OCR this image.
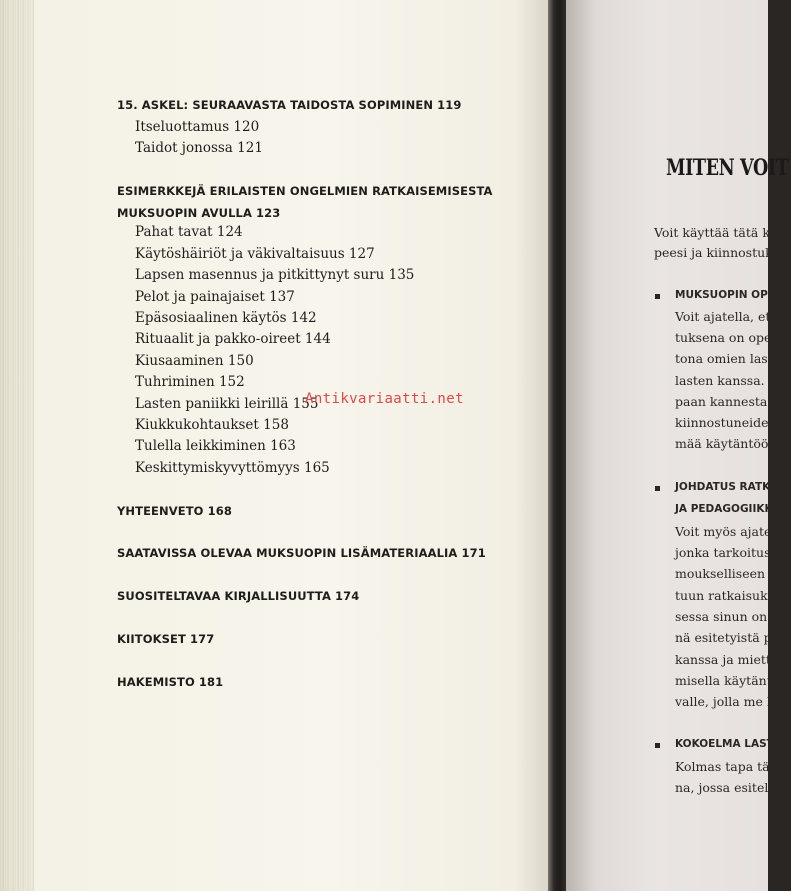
15. ASKEL: SEURAAVASTA TAIDOSTA SOPIMINEN 119
Itseluottamus 120
Taidot jonossa 121
ESIMERKKEJÄ ERILAISTEN ONGELMIEN RATKAISEMISESTA
MUKSUOPIN AVULLA 123
Pahat tavat 124
Käytöshäiriöt ja väkivaltaisuus 127
Lapsen masennus ja pitkittynyt suru 135
Pelot ja painajaiset 137
Epäsosiaalinen käytös 142
Rituaalit ja pakko-oireet 144
Kiusaaminen 150
Tuhriminen 152
Lasten paniikki leirillä 155
Kiukkukohtaukset 158
Tulella leikkiminen 163
Keskittymiskyvyttömyys 165
YHTEENVETO 168
SAATAVISSA OLEVAA MUKSUOPIN LISÄMATERIAALIA 171
SUOSITELTAVAA KIRJALLISUUTTA 174
KIITOKSET 177
HAKEMISTO 181
Antikvariaatti.net
MITEN VOIT
Voit käyttää tätä kirja
peesi ja kiinnostukse
MUKSUOPIN OPPII
Voit ajatella, että
tuksena on opet
tona omien laste
lasten kanssa. Lu
paan kannesta ka
kiinnostuneiden
mää käytäntöön
JOHDATUS RATKAI
JA PEDAGOGIIKKA
Voit myös ajatel
jonka tarkoitus o
moukselliseen ps
tuun ratkaisukes
sessa sinun on hy
nä esitetyistä pe
kanssa ja miettiä
misella käytäntö
valle, jolla me la
KOKOELMA LASTE
Kolmas tapa tätä
na, jossa esitellää
